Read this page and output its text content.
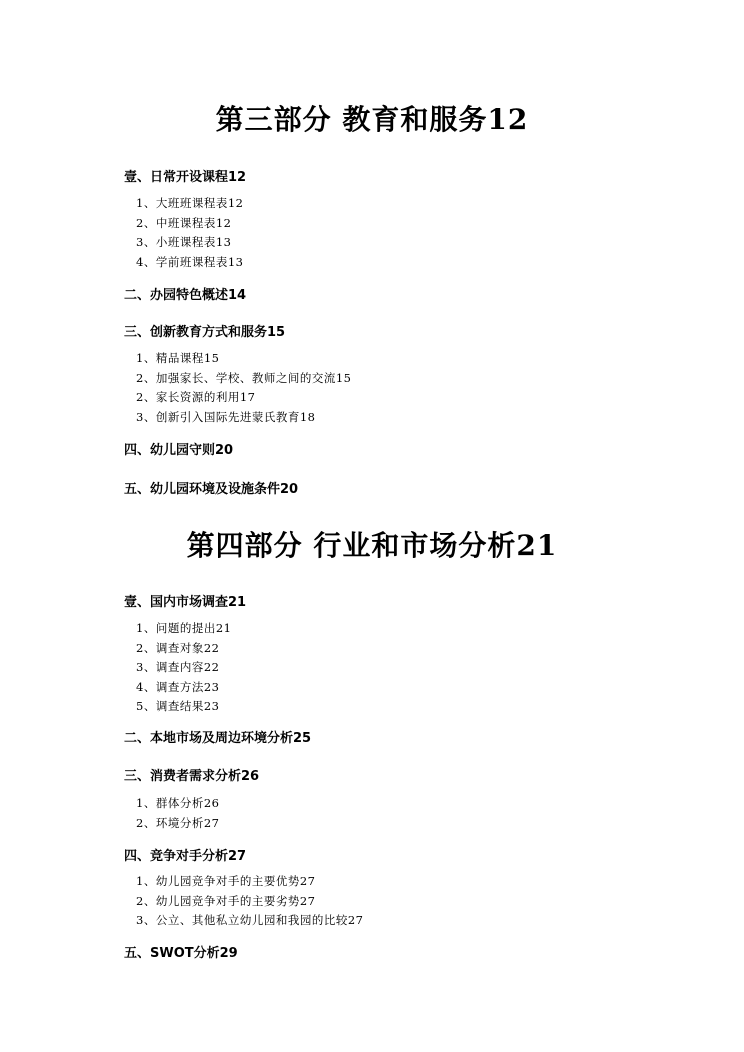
第三部分 教育和服务12
壹、日常开设课程12
1、大班班课程表12
2、中班课程表12
3、小班课程表13
4、学前班课程表13
二、办园特色概述14
三、创新教育方式和服务15
1、精品课程15
2、加强家长、学校、教师之间的交流15
2、家长资源的利用17
3、创新引入国际先进蒙氏教育18
四、幼儿园守则20
五、幼儿园环境及设施条件20
第四部分 行业和市场分析21
壹、国内市场调查21
1、问题的提出21
2、调查对象22
3、调查内容22
4、调查方法23
5、调查结果23
二、本地市场及周边环境分析25
三、消费者需求分析26
1、群体分析26
2、环境分析27
四、竞争对手分析27
1、幼儿园竞争对手的主要优势27
2、幼儿园竞争对手的主要劣势27
3、公立、其他私立幼儿园和我园的比较27
五、SWOT分析29
